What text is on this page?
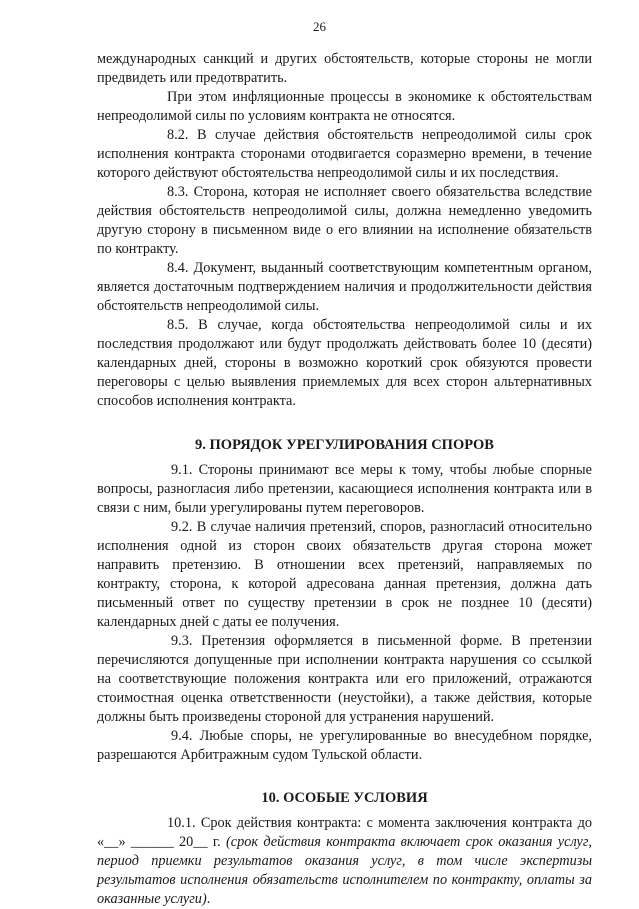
26

международных санкций и других обстоятельств, которые стороны не могли предвидеть или предотвратить.

При этом инфляционные процессы в экономике к обстоятельствам непреодолимой силы по условиям контракта не относятся.

8.2. В случае действия обстоятельств непреодолимой силы срок исполнения контракта сторонами отодвигается соразмерно времени, в течение которого действуют обстоятельства непреодолимой силы и их последствия.

8.3. Сторона, которая не исполняет своего обязательства вследствие действия обстоятельств непреодолимой силы, должна немедленно уведомить другую сторону в письменном виде о его влиянии на исполнение обязательств по контракту.

8.4. Документ, выданный соответствующим компетентным органом, является достаточным подтверждением наличия и продолжительности действия обстоятельств непреодолимой силы.

8.5. В случае, когда обстоятельства непреодолимой силы и их последствия продолжают или будут продолжать действовать более 10 (десяти) календарных дней, стороны в возможно короткий срок обязуются провести переговоры с целью выявления приемлемых для всех сторон альтернативных способов исполнения контракта.

9. ПОРЯДОК УРЕГУЛИРОВАНИЯ СПОРОВ

9.1. Стороны принимают все меры к тому, чтобы любые спорные вопросы, разногласия либо претензии, касающиеся исполнения контракта или в связи с ним, были урегулированы путем переговоров.

9.2. В случае наличия претензий, споров, разногласий относительно исполнения одной из сторон своих обязательств другая сторона может направить претензию. В отношении всех претензий, направляемых по контракту, сторона, к которой адресована данная претензия, должна дать письменный ответ по существу претензии в срок не позднее 10 (десяти) календарных дней с даты ее получения.

9.3. Претензия оформляется в письменной форме. В претензии перечисляются допущенные при исполнении контракта нарушения со ссылкой на соответствующие положения контракта или его приложений, отражаются стоимостная оценка ответственности (неустойки), а также действия, которые должны быть произведены стороной для устранения нарушений.

9.4. Любые споры, не урегулированные во внесудебном порядке, разрешаются Арбитражным судом Тульской области.

10. ОСОБЫЕ УСЛОВИЯ

10.1. Срок действия контракта: с момента заключения контракта до «__» ______ 20__ г. (срок действия контракта включает срок оказания услуг, период приемки результатов оказания услуг, в том числе экспертизы результатов исполнения обязательств исполнителем по контракту, оплаты за оказанные услуги).
